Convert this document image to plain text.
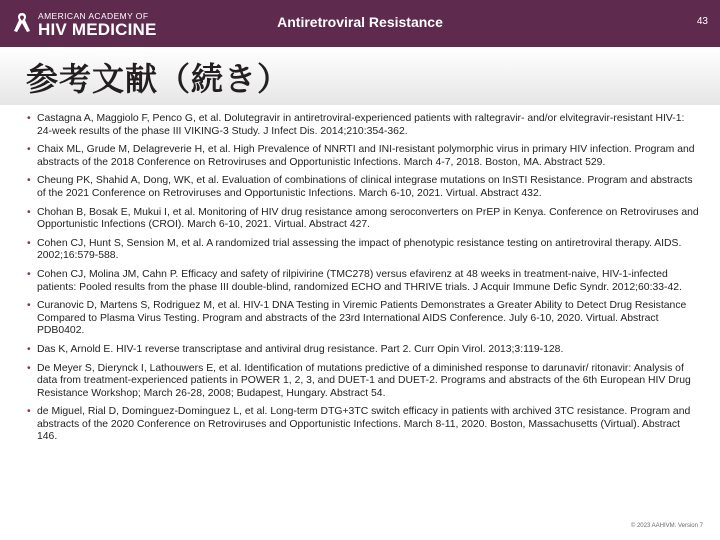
AMERICAN ACADEMY OF
HIV MEDICINE	Antiretroviral Resistance	43
参考文献（続き）
• Castagna A, Maggiolo F, Penco G, et al. Dolutegravir in antiretroviral-experienced patients with raltegravir- and/or elvitegravir-resistant HIV-1: 24-week results of the phase III VIKING-3 Study. J Infect Dis. 2014;210:354-362.
• Chaix ML, Grude M, Delagreverie H, et al. High Prevalence of NNRTI and INI-resistant polymorphic virus in primary HIV infection. Program and abstracts of the 2018 Conference on Retroviruses and Opportunistic Infections. March 4-7, 2018. Boston, MA. Abstract 529.
• Cheung PK, Shahid A, Dong, WK, et al. Evaluation of combinations of clinical integrase mutations on InSTI Resistance. Program and abstracts of the 2021 Conference on Retroviruses and Opportunistic Infections. March 6-10, 2021. Virtual. Abstract 432.
• Chohan B, Bosak E, Mukui I, et al. Monitoring of HIV drug resistance among seroconverters on PrEP in Kenya. Conference on Retroviruses and Opportunistic Infections (CROI). March 6-10, 2021. Virtual. Abstract 427.
• Cohen CJ, Hunt S, Sension M, et al. A randomized trial assessing the impact of phenotypic resistance testing on antiretroviral therapy. AIDS. 2002;16:579-588.
• Cohen CJ, Molina JM, Cahn P. Efficacy and safety of rilpivirine (TMC278) versus efavirenz at 48 weeks in treatment-naive, HIV-1-infected patients: Pooled results from the phase III double-blind, randomized ECHO and THRIVE trials. J Acquir Immune Defic Syndr. 2012;60:33-42.
• Curanovic D, Martens S, Rodriguez M, et al. HIV-1 DNA Testing in Viremic Patients Demonstrates a Greater Ability to Detect Drug Resistance Compared to Plasma Virus Testing. Program and abstracts of the 23rd International AIDS Conference. July 6-10, 2020. Virtual. Abstract PDB0402.
• Das K, Arnold E. HIV-1 reverse transcriptase and antiviral drug resistance. Part 2. Curr Opin Virol. 2013;3:119-128.
• De Meyer S, Dierynck I, Lathouwers E, et al. Identification of mutations predictive of a diminished response to darunavir/ ritonavir: Analysis of data from treatment-experienced patients in POWER 1, 2, 3, and DUET-1 and DUET-2. Programs and abstracts of the 6th European HIV Drug Resistance Workshop; March 26-28, 2008; Budapest, Hungary. Abstract 54.
• de Miguel, Rial D, Dominguez-Dominguez L, et al. Long-term DTG+3TC switch efficacy in patients with archived 3TC resistance. Program and abstracts of the 2020 Conference on Retroviruses and Opportunistic Infections. March 8-11, 2020. Boston, Massachusetts (Virtual). Abstract 146.
© 2023 AAHIVM. Version 7
